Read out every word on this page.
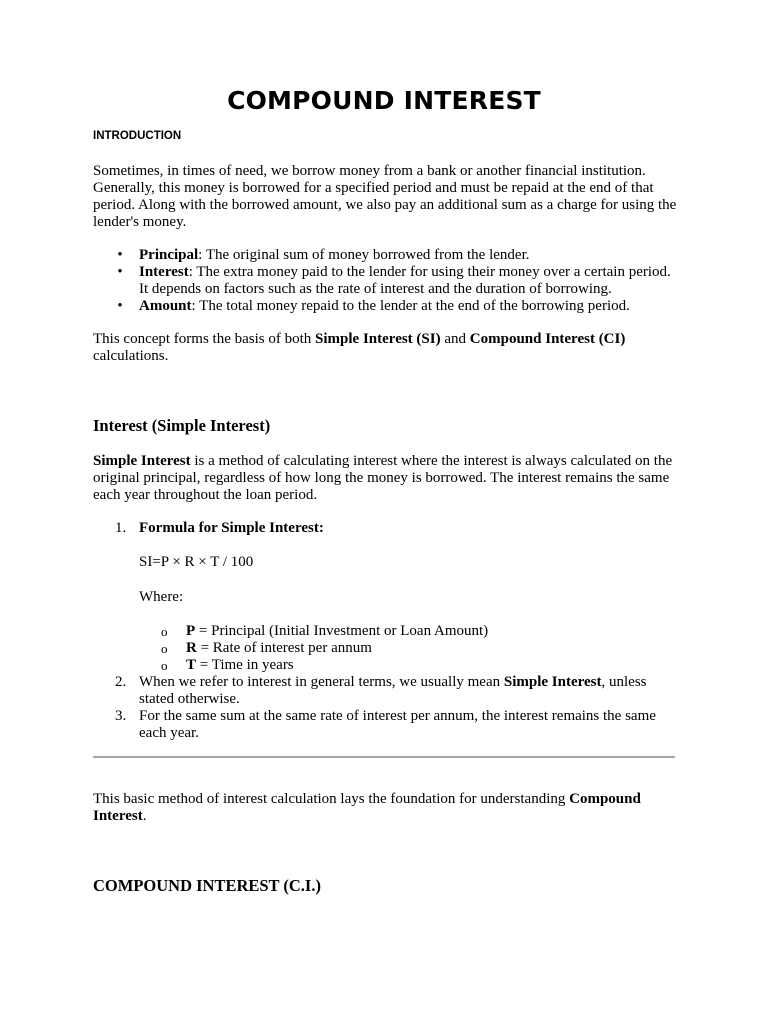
COMPOUND INTEREST
INTRODUCTION

Sometimes, in times of need, we borrow money from a bank or another financial institution. Generally, this money is borrowed for a specified period and must be repaid at the end of that period. Along with the borrowed amount, we also pay an additional sum as a charge for using the lender's money.

• Principal: The original sum of money borrowed from the lender.
• Interest: The extra money paid to the lender for using their money over a certain period. It depends on factors such as the rate of interest and the duration of borrowing.
• Amount: The total money repaid to the lender at the end of the borrowing period.

This concept forms the basis of both Simple Interest (SI) and Compound Interest (CI) calculations.

Interest (Simple Interest)

Simple Interest is a method of calculating interest where the interest is always calculated on the original principal, regardless of how long the money is borrowed. The interest remains the same each year throughout the loan period.

1. Formula for Simple Interest:
SI=P × R × T / 100
Where:
o P = Principal (Initial Investment or Loan Amount)
o R = Rate of interest per annum
o T = Time in years
2. When we refer to interest in general terms, we usually mean Simple Interest, unless stated otherwise.
3. For the same sum at the same rate of interest per annum, the interest remains the same each year.

This basic method of interest calculation lays the foundation for understanding Compound Interest.

COMPOUND INTEREST (C.I.)
